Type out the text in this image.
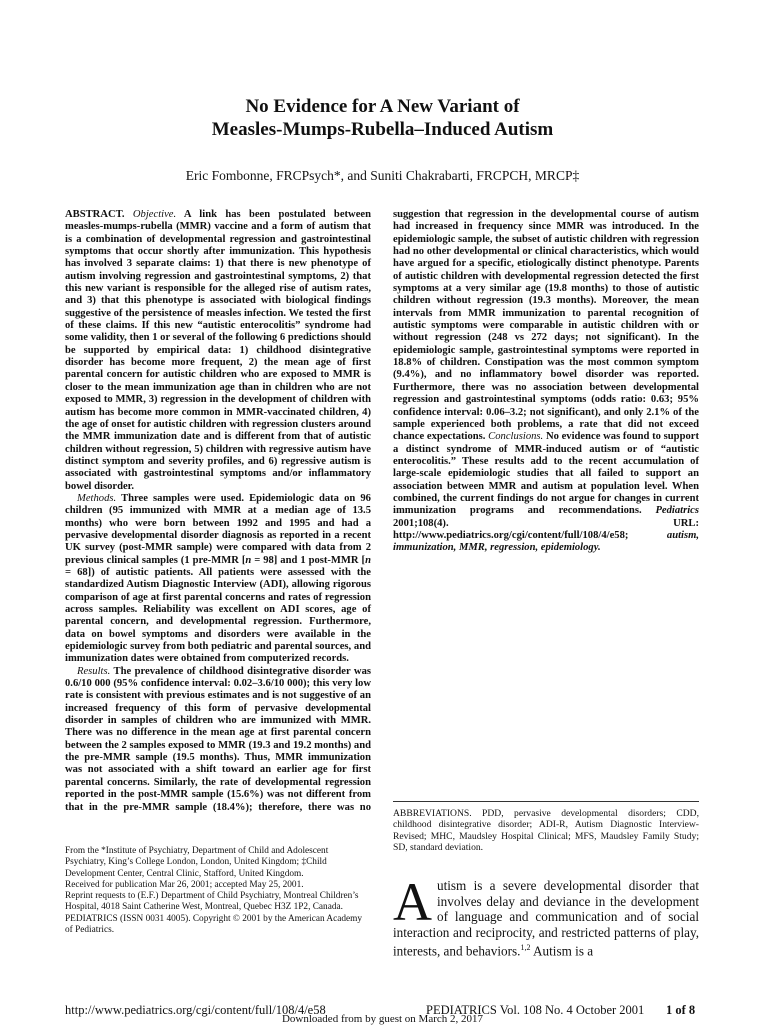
No Evidence for A New Variant of
Measles-Mumps-Rubella–Induced Autism
Eric Fombonne, FRCPsych*, and Suniti Chakrabarti, FRCPCH, MRCP‡

ABSTRACT. Objective. A link has been postulated between measles-mumps-rubella (MMR) vaccine and a form of autism that is a combination of developmental regression and gastrointestinal symptoms that occur shortly after immunization. This hypothesis has involved 3 separate claims: 1) that there is new phenotype of autism involving regression and gastrointestinal symptoms, 2) that this new variant is responsible for the alleged rise of autism rates, and 3) that this phenotype is associated with biological findings suggestive of the persistence of measles infection. We tested the first of these claims. If this new “autistic enterocolitis” syndrome had some validity, then 1 or several of the following 6 predictions should be supported by empirical data: 1) childhood disintegrative disorder has become more frequent, 2) the mean age of first parental concern for autistic children who are exposed to MMR is closer to the mean immunization age than in children who are not exposed to MMR, 3) regression in the development of children with autism has become more common in MMR-vaccinated children, 4) the age of onset for autistic children with regression clusters around the MMR immunization date and is different from that of autistic children without regression, 5) children with regressive autism have distinct symptom and severity profiles, and 6) regressive autism is associated with gastrointestinal symptoms and/or inflammatory bowel disorder.

Methods. Three samples were used. Epidemiologic data on 96 children (95 immunized with MMR at a median age of 13.5 months) who were born between 1992 and 1995 and had a pervasive developmental disorder diagnosis as reported in a recent UK survey (post-MMR sample) were compared with data from 2 previous clinical samples (1 pre-MMR [n = 98] and 1 post-MMR [n = 68]) of autistic patients. All patients were assessed with the standardized Autism Diagnostic Interview (ADI), allowing rigorous comparison of age at first parental concerns and rates of regression across samples. Reliability was excellent on ADI scores, age of parental concern, and developmental regression. Furthermore, data on bowel symptoms and disorders were available in the epidemiologic survey from both pediatric and parental sources, and immunization dates were obtained from computerized records.

Results. The prevalence of childhood disintegrative disorder was 0.6/10 000 (95% confidence interval: 0.02–3.6/10 000); this very low rate is consistent with previous estimates and is not suggestive of an increased frequency of this form of pervasive developmental disorder in samples of children who are immunized with MMR. There was no difference in the mean age at first parental concern between the 2 samples exposed to MMR (19.3 and 19.2 months) and the pre-MMR sample (19.5 months). Thus, MMR immunization was not associated with a shift toward an earlier age for first parental concerns. Similarly, the rate of developmental regression reported in the post-MMR sample (15.6%) was not different from that in the pre-MMR sample (18.4%); therefore, there was no suggestion that regression in the developmental course of autism had increased in frequency since MMR was introduced. In the epidemiologic sample, the subset of autistic children with regression had no other developmental or clinical characteristics, which would have argued for a specific, etiologically distinct phenotype. Parents of autistic children with developmental regression detected the first symptoms at a very similar age (19.8 months) to those of autistic children without regression (19.3 months). Moreover, the mean intervals from MMR immunization to parental recognition of autistic symptoms were comparable in autistic children with or without regression (248 vs 272 days; not significant). In the epidemiologic sample, gastrointestinal symptoms were reported in 18.8% of children. Constipation was the most common symptom (9.4%), and no inflammatory bowel disorder was reported. Furthermore, there was no association between developmental regression and gastrointestinal symptoms (odds ratio: 0.63; 95% confidence interval: 0.06–3.2; not significant), and only 2.1% of the sample experienced both problems, a rate that did not exceed chance expectations. Conclusions. No evidence was found to support a distinct syndrome of MMR-induced autism or of “autistic enterocolitis.” These results add to the recent accumulation of large-scale epidemiologic studies that all failed to support an association between MMR and autism at population level. When combined, the current findings do not argue for changes in current immunization programs and recommendations. Pediatrics 2001;108(4). URL: http://www.pediatrics.org/cgi/content/full/108/4/e58;	autism, immunization, MMR, regression, epidemiology.

From the *Institute of Psychiatry, Department of Child and Adolescent Psychiatry, King’s College London, London, United Kingdom; ‡Child Development Center, Central Clinic, Stafford, United Kingdom.

Received for publication Mar 26, 2001; accepted May 25, 2001.

Reprint requests to (E.F.) Department of Child Psychiatry, Montreal Children’s Hospital, 4018 Saint Catherine West, Montreal, Quebec H3Z 1P2, Canada.

PEDIATRICS (ISSN 0031 4005). Copyright © 2001 by the American Academy of Pediatrics.

ABBREVIATIONS. PDD, pervasive developmental disorders; CDD, childhood disintegrative disorder; ADI-R, Autism Diagnostic Interview-Revised; MHC, Maudsley Hospital Clinical; MFS, Maudsley Family Study; SD, standard deviation.
Autism is a severe developmental disorder that involves delay and deviance in the development of language and communication and of social interaction and reciprocity, and restricted patterns of play, interests, and behaviors.$^{1,2}$ Autism is a
http://www.pediatrics.org/cgi/content/full/108/4/e58	PEDIATRICS Vol. 108 No. 4 October 2001 1 of 8
Downloaded from by guest on March 2, 2017
